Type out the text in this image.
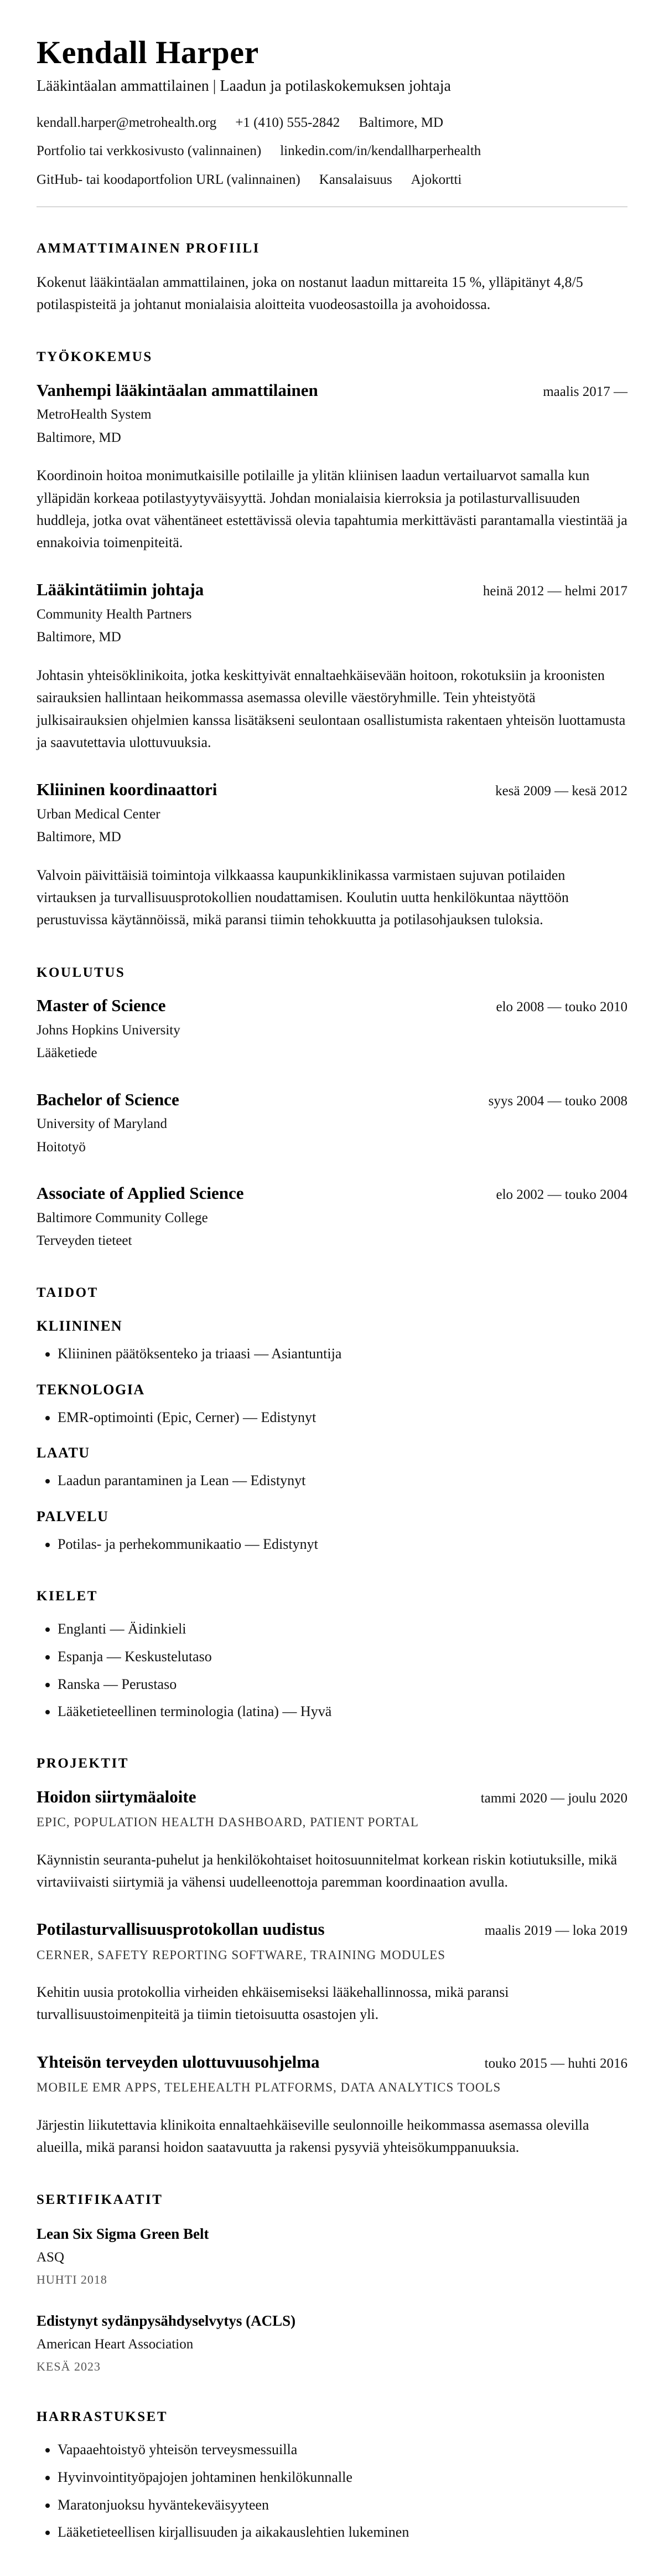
Kendall Harper
Lääkintäalan ammattilainen | Laadun ja potilaskokemuksen johtaja
kendall.harper@metrohealth.org +1 (410) 555-2842 Baltimore, MD
Portfolio tai verkkosivusto (valinnainen) linkedin.com/in/kendallharperhealth
GitHub- tai koodaportfolion URL (valinnainen) Kansalaisuus Ajokortti
AMMATTIMAINEN PROFIILI

Kokenut lääkintäalan ammattilainen, joka on nostanut laadun mittareita 15 %, ylläpitänyt 4,8/5 potilaspisteitä ja johtanut monialaisia aloitteita vuodeosastoilla ja avohoidossa.

TYÖKOKEMUS
Vanhempi lääkintäalan ammattilainen	maalis 2017 —
MetroHealth System
Baltimore, MD

Koordinoin hoitoa monimutkaisille potilaille ja ylitän kliinisen laadun vertailuarvot samalla kun ylläpidän korkeaa potilastyytyväisyyttä. Johdan monialaisia kierroksia ja potilasturvallisuuden huddleja, jotka ovat vähentäneet estettävissä olevia tapahtumia merkittävästi parantamalla viestintää ja ennakoivia toimenpiteitä.

Lääkintätiimin johtaja	heinä 2012 — helmi 2017
Community Health Partners
Baltimore, MD

Johtasin yhteisöklinikoita, jotka keskittyivät ennaltaehkäisevään hoitoon, rokotuksiin ja kroonisten sairauksien hallintaan heikommassa asemassa oleville väestöryhmille. Tein yhteistyötä julkisairauksien ohjelmien kanssa lisätäkseni seulontaan osallistumista rakentaen yhteisön luottamusta ja saavutettavia ulottuvuuksia.

Kliininen koordinaattori	kesä 2009 — kesä 2012
Urban Medical Center
Baltimore, MD

Valvoin päivittäisiä toimintoja vilkkaassa kaupunkiklinikassa varmistaen sujuvan potilaiden virtauksen ja turvallisuusprotokollien noudattamisen. Koulutin uutta henkilökuntaa näyttöön perustuvissa käytännöissä, mikä paransi tiimin tehokkuutta ja potilasohjauksen tuloksia.

KOULUTUS
Master of Science	elo 2008 — touko 2010
Johns Hopkins University
Lääketiede
Bachelor of Science	syys 2004 — touko 2008
University of Maryland
Hoitotyö
Associate of Applied Science	elo 2002 — touko 2004
Baltimore Community College
Terveyden tieteet
TAIDOT
KLIININEN
• Kliininen päätöksenteko ja triaasi — Asiantuntija
TEKNOLOGIA
• EMR-optimointi (Epic, Cerner) — Edistynyt
LAATU
• Laadun parantaminen ja Lean — Edistynyt
PALVELU
• Potilas- ja perhekommunikaatio — Edistynyt
KIELET
• Englanti — Äidinkieli
• Espanja — Keskustelutaso
• Ranska — Perustaso
• Lääketieteellinen terminologia (latina) — Hyvä
PROJEKTIT
Hoidon siirtymäaloite	tammi 2020 — joulu 2020
EPIC, POPULATION HEALTH DASHBOARD, PATIENT PORTAL

Käynnistin seuranta-puhelut ja henkilökohtaiset hoitosuunnitelmat korkean riskin kotiutuksille, mikä virtaviivaisti siirtymiä ja vähensi uudelleenottoja paremman koordinaation avulla.

Potilasturvallisuusprotokollan uudistus	maalis 2019 — loka 2019
CERNER, SAFETY REPORTING SOFTWARE, TRAINING MODULES

Kehitin uusia protokollia virheiden ehkäisemiseksi lääkehallinnossa, mikä paransi turvallisuustoimenpiteitä ja tiimin tietoisuutta osastojen yli.

Yhteisön terveyden ulottuvuusohjelma	touko 2015 — huhti 2016
MOBILE EMR APPS, TELEHEALTH PLATFORMS, DATA ANALYTICS TOOLS

Järjestin liikutettavia klinikoita ennaltaehkäiseville seulonnoille heikommassa asemassa olevilla alueilla, mikä paransi hoidon saatavuutta ja rakensi pysyviä yhteisökumppanuuksia.

SERTIFIKAATIT
Lean Six Sigma Green Belt
ASQ
HUHTI 2018
Edistynyt sydänpysähdyselvytys (ACLS)
American Heart Association
KESÄ 2023
HARRASTUKSET
• Vapaaehtoistyö yhteisön terveysmessuilla
• Hyvinvointityöpajojen johtaminen henkilökunnalle
• Maratonjuoksu hyväntekeväisyyteen
• Lääketieteellisen kirjallisuuden ja aikakauslehtien lukeminen
